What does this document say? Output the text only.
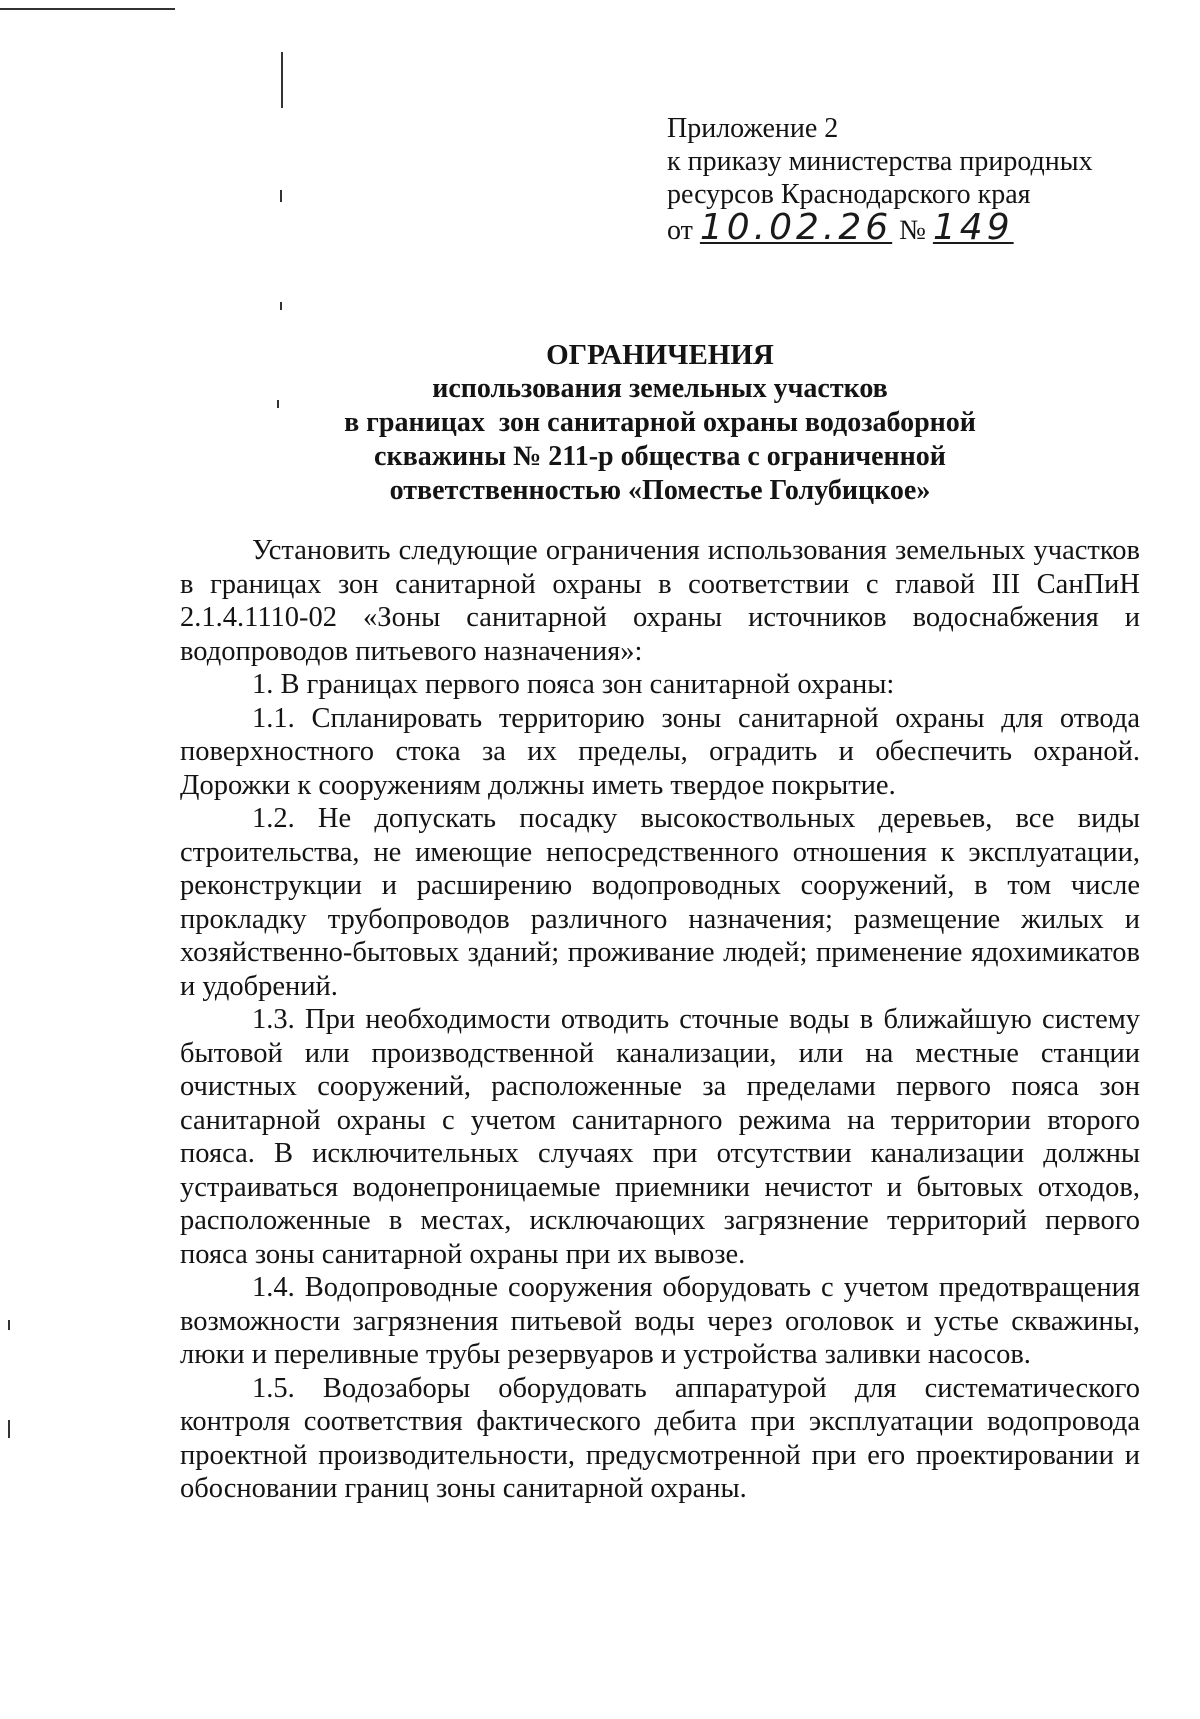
Приложение 2
к приказу министерства природных
ресурсов Краснодарского края
от 10.02.26 № 149
ОГРАНИЧЕНИЯ
использования земельных участков
в границах  зон санитарной охраны водозаборной
скважины № 211-р общества с ограниченной
ответственностью «Поместье Голубицкое»

Установить следующие ограничения использования земельных участков в границах зон санитарной охраны в соответствии с главой III СанПиН 2.1.4.1110-02 «Зоны санитарной охраны источников водоснабжения и водопроводов питьевого назначения»:

1. В границах первого пояса зон санитарной охраны:

1.1. Спланировать территорию зоны санитарной охраны для отвода поверхностного стока за их пределы, оградить и обеспечить охраной. Дорожки к сооружениям должны иметь твердое покрытие.

1.2. Не допускать посадку высокоствольных деревьев, все виды строительства, не имеющие непосредственного отношения к эксплуатации, реконструкции и расширению водопроводных сооружений, в том числе прокладку трубопроводов различного назначения; размещение жилых и хозяйственно-бытовых зданий; проживание людей; применение ядохимикатов и удобрений.

1.3. При необходимости отводить сточные воды в ближайшую систему бытовой или производственной канализации, или на местные станции очистных сооружений, расположенные за пределами первого пояса зон санитарной охраны с учетом санитарного режима на территории второго пояса. В исключительных случаях при отсутствии канализации должны устраиваться водонепроницаемые приемники нечистот и бытовых отходов, расположенные в местах, исключающих загрязнение территорий первого пояса зоны санитарной охраны при их вывозе.

1.4. Водопроводные сооружения оборудовать с учетом предотвращения возможности загрязнения питьевой воды через оголовок и устье скважины, люки и переливные трубы резервуаров и устройства заливки насосов.

1.5. Водозаборы оборудовать аппаратурой для систематического контроля соответствия фактического дебита при эксплуатации водопровода проектной производительности, предусмотренной при его проектировании и обосновании границ зоны санитарной охраны.
